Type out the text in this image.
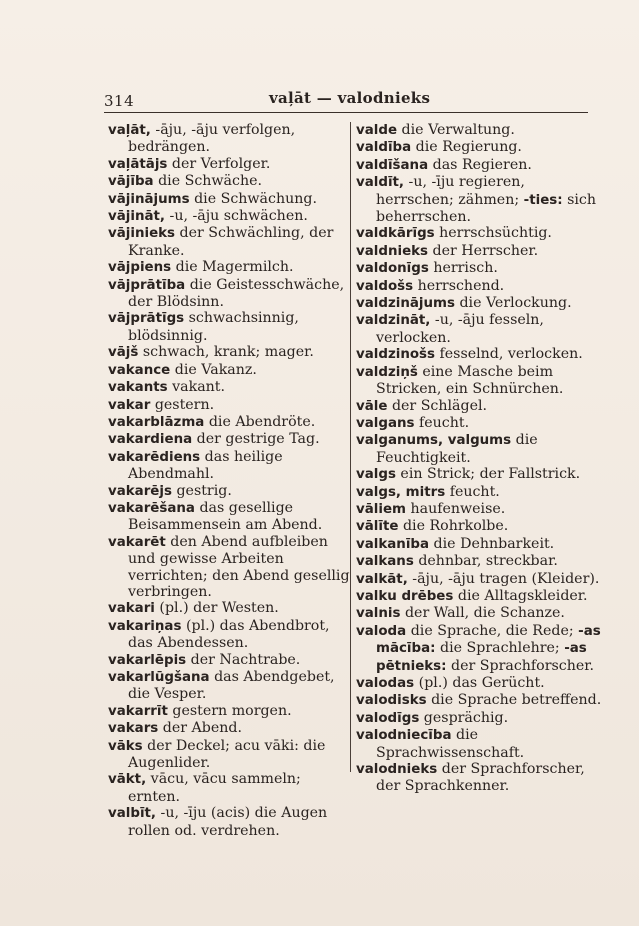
314	vaļāt — valodnieks

vaļāt, -āju, -āju verfolgen, bedrängen.

vaļātājs der Verfolger.

vājība die Schwäche.

vājinājums die Schwächung.

vājināt, -u, -āju schwächen.

vājinieks der Schwächling, der Kranke.

vājpiens die Magermilch.

vājprātība die Geistesschwäche, der Blödsinn.

vājprātīgs schwachsinnig, blödsinnig.

vājš schwach, krank; mager.

vakance die Vakanz.

vakants vakant.

vakar gestern.

vakarblāzma die Abendröte.

vakardiena der gestrige Tag.

vakarēdiens das heilige Abendmahl.

vakarējs gestrig.

vakarēšana das gesellige Beisammensein am Abend.

vakarēt den Abend aufbleiben und gewisse Arbeiten verrichten; den Abend gesellig verbringen.

vakari (pl.) der Westen.

vakariņas (pl.) das Abendbrot, das Abendessen.

vakarlēpis der Nachtrabe.

vakarlūgšana das Abendgebet, die Vesper.

vakarrīt gestern morgen.

vakars der Abend.

vāks der Deckel; acu vāki: die Augenlider.

vākt, vācu, vācu sammeln; ernten.

valbīt, -u, -īju (acis) die Augen rollen od. verdrehen.

valde die Verwaltung.

valdība die Regierung.

valdīšana das Regieren.

valdīt, -u, -īju regieren, herrschen; zähmen; -ties: sich beherrschen.

valdkārīgs herrschsüchtig.

valdnieks der Herrscher.

valdonīgs herrisch.

valdošs herrschend.

valdzinājums die Verlockung.

valdzināt, -u, -āju fesseln, verlocken.

valdzinošs fesselnd, verlocken.

valdziņš eine Masche beim Stricken, ein Schnürchen.

vāle der Schlägel.

valgans feucht.

valganums, valgums die Feuchtigkeit.

valgs ein Strick; der Fallstrick.

valgs, mitrs feucht.

vāliem haufenweise.

vālīte die Rohrkolbe.

valkanība die Dehnbarkeit.

valkans dehnbar, streckbar.

valkāt, -āju, -āju tragen (Kleider).

valku drēbes die Alltagskleider.

valnis der Wall, die Schanze.

valoda die Sprache, die Rede; -as mācība: die Sprachlehre; -as pētnieks: der Sprachforscher.

valodas (pl.) das Gerücht.

valodisks die Sprache betreffend.

valodīgs gesprächig.

valodniecība die Sprachwissenschaft.

valodnieks der Sprachforscher, der Sprachkenner.
